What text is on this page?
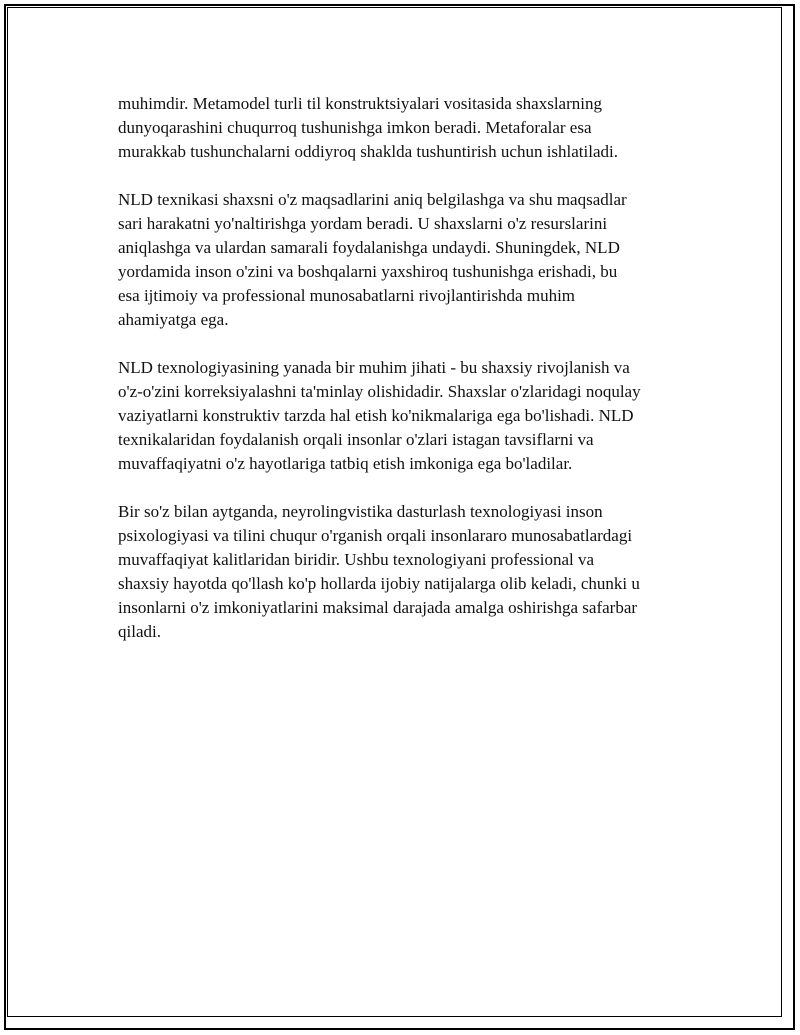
muhimdir. Metamodel turli til konstruktsiyalari vositasida shaxslarning
dunyoqarashini chuqurroq tushunishga imkon beradi. Metaforalar esa
murakkab tushunchalarni oddiyroq shaklda tushuntirish uchun ishlatiladi.

NLD texnikasi shaxsni o'z maqsadlarini aniq belgilashga va shu maqsadlar
sari harakatni yo'naltirishga yordam beradi. U shaxslarni o'z resurslarini
aniqlashga va ulardan samarali foydalanishga undaydi. Shuningdek, NLD
yordamida inson o'zini va boshqalarni yaxshiroq tushunishga erishadi, bu
esa ijtimoiy va professional munosabatlarni rivojlantirishda muhim
ahamiyatga ega.

NLD texnologiyasining yanada bir muhim jihati - bu shaxsiy rivojlanish va
o'z-o'zini korreksiyalashni ta'minlay olishidadir. Shaxslar o'zlaridagi noqulay
vaziyatlarni konstruktiv tarzda hal etish ko'nikmalariga ega bo'lishadi. NLD
texnikalaridan foydalanish orqali insonlar o'zlari istagan tavsiflarni va
muvaffaqiyatni o'z hayotlariga tatbiq etish imkoniga ega bo'ladilar.

Bir so'z bilan aytganda, neyrolingvistika dasturlash texnologiyasi inson
psixologiyasi va tilini chuqur o'rganish orqali insonlararo munosabatlardagi
muvaffaqiyat kalitlaridan biridir. Ushbu texnologiyani professional va
shaxsiy hayotda qo'llash ko'p hollarda ijobiy natijalarga olib keladi, chunki u
insonlarni o'z imkoniyatlarini maksimal darajada amalga oshirishga safarbar
qiladi.
